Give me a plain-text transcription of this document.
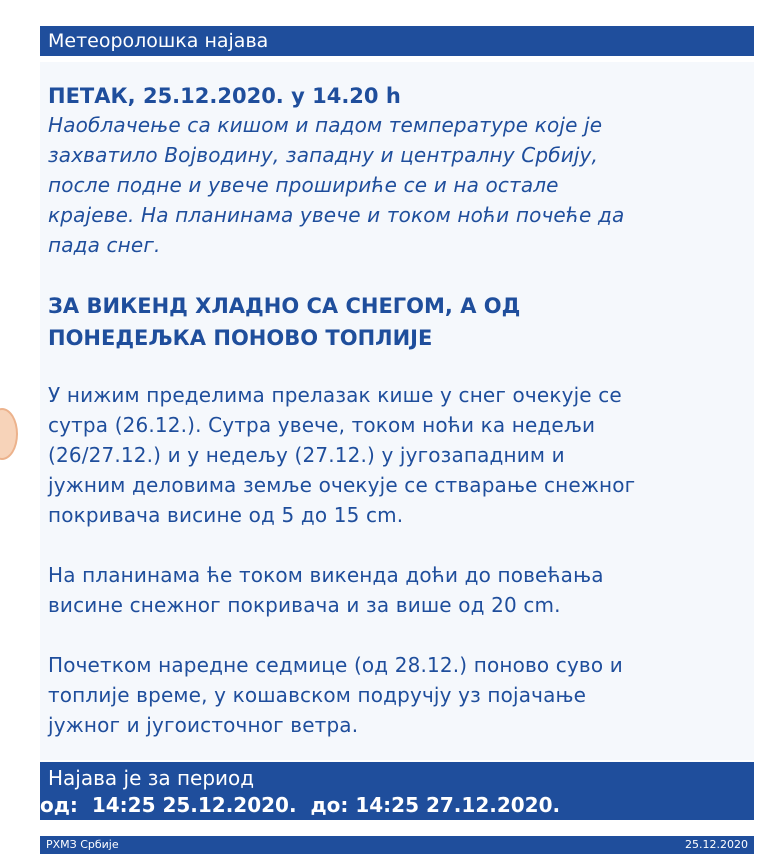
Метеоролошка најава

ПЕТАК, 25.12.2020. у 14.20 h

Наоблачење са кишом и падом температуре које је
захватило Војводину, западну и централну Србију,
после подне и увече прошириће се и на остале
крајеве. На планинама увече и током ноћи почеће да
пада снег.

ЗА ВИКЕНД ХЛАДНО СА СНЕГОМ, А ОД
ПОНЕДЕЉКА ПОНОВО ТОПЛИЈЕ

У нижим пределима прелазак кише у снег очекује се
сутра (26.12.). Сутра увече, током ноћи ка недељи
(26/27.12.) и у недељу (27.12.) у југозападним и
јужним деловима земље очекује се стварање снежног
покривача висине од 5 до 15 cm.

На планинама ће током викенда доћи до повећања
висине снежног покривача и за више од 20 cm.

Почетком наредне седмице (од 28.12.) поново суво и
топлије време, у кошавском подручју уз појачање
јужног и југоисточног ветра.

Најава је за период
од:  14:25 25.12.2020.  до: 14:25 27.12.2020.
РХМЗ Србије	25.12.2020
